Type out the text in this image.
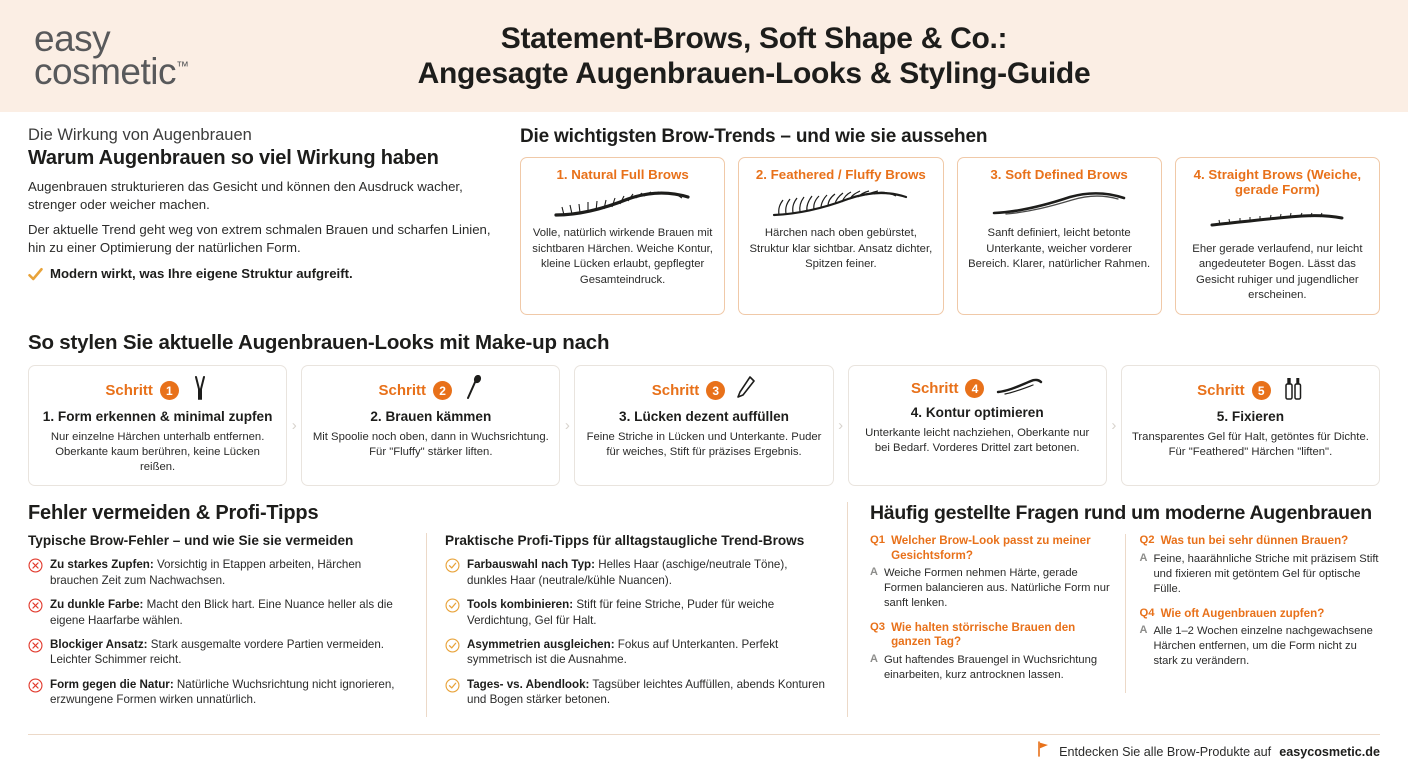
easy
cosmetic™
Statement-Brows, Soft Shape & Co.:
Angesagte Augenbrauen-Looks & Styling-Guide
Die Wirkung von Augenbrauen
Warum Augenbrauen so viel Wirkung haben

Augenbrauen strukturieren das Gesicht und können den Ausdruck wacher, strenger oder weicher machen.

Der aktuelle Trend geht weg von extrem schmalen Brauen und scharfen Linien, hin zu einer Optimierung der natürlichen Form.

Modern wirkt, was Ihre eigene Struktur aufgreift.
Die wichtigsten Brow-Trends – und wie sie aussehen
1. Natural Full Brows
Volle, natürlich wirkende Brauen mit sichtbaren Härchen. Weiche Kontur, kleine Lücken erlaubt, gepflegter Gesamteindruck.
2. Feathered / Fluffy Brows
Härchen nach oben gebürstet, Struktur klar sichtbar. Ansatz dichter, Spitzen feiner.
3. Soft Defined Brows
Sanft definiert, leicht betonte Unterkante, weicher vorderer Bereich. Klarer, natürlicher Rahmen.
4. Straight Brows (Weiche, gerade Form)
Eher gerade verlaufend, nur leicht angedeuteter Bogen. Lässt das Gesicht ruhiger und jugendlicher erscheinen.
So stylen Sie aktuelle Augenbrauen-Looks mit Make-up nach
Schritt	1
1. Form erkennen & minimal zupfen
Nur einzelne Härchen unterhalb entfernen. Oberkante kaum berühren, keine Lücken reißen.
›
Schritt	2
2. Brauen kämmen
Mit Spoolie noch oben, dann in Wuchsrichtung. Für "Fluffy" stärker liften.
›
Schritt	3
3. Lücken dezent auffüllen
Feine Striche in Lücken und Unterkante. Puder für weiches, Stift für präzises Ergebnis.
›
Schritt	4
4. Kontur optimieren
Unterkante leicht nachziehen, Oberkante nur bei Bedarf. Vorderes Drittel zart betonen.
›
Schritt	5
5. Fixieren
Transparentes Gel für Halt, getöntes für Dichte. Für "Feathered" Härchen "liften".
Fehler vermeiden & Profi-Tipps
Typische Brow-Fehler – und wie Sie sie vermeiden
Zu starkes Zupfen: Vorsichtig in Etappen arbeiten, Härchen brauchen Zeit zum Nachwachsen.
Zu dunkle Farbe: Macht den Blick hart. Eine Nuance heller als die eigene Haarfarbe wählen.
Blockiger Ansatz: Stark ausgemalte vordere Partien vermeiden. Leichter Schimmer reicht.
Form gegen die Natur: Natürliche Wuchsrichtung nicht ignorieren, erzwungene Formen wirken unnatürlich.
Praktische Profi-Tipps für alltagstaugliche Trend-Brows
Farbauswahl nach Typ: Helles Haar (aschige/neutrale Töne), dunkles Haar (neutrale/kühle Nuancen).
Tools kombinieren: Stift für feine Striche, Puder für weiche Verdichtung, Gel für Halt.
Asymmetrien ausgleichen: Fokus auf Unterkanten. Perfekt symmetrisch ist die Ausnahme.
Tages- vs. Abendlook: Tagsüber leichtes Auffüllen, abends Konturen und Bogen stärker betonen.
Häufig gestellte Fragen rund um moderne Augenbrauen
Q1 Welcher Brow-Look passt zu meiner Gesichtsform?
A Weiche Formen nehmen Härte, gerade Formen balancieren aus. Natürliche Form nur sanft lenken.
Q3 Wie halten störrische Brauen den ganzen Tag?
A Gut haftendes Brauengel in Wuchsrichtung einarbeiten, kurz antrocknen lassen.
Q2 Was tun bei sehr dünnen Brauen?
A Feine, haarähnliche Striche mit präzisem Stift und fixieren mit getöntem Gel für optische Fülle.
Q4 Wie oft Augenbrauen zupfen?
A Alle 1–2 Wochen einzelne nachgewachsene Härchen entfernen, um die Form nicht zu stark zu verändern.
Entdecken Sie alle Brow-Produkte auf easycosmetic.de
